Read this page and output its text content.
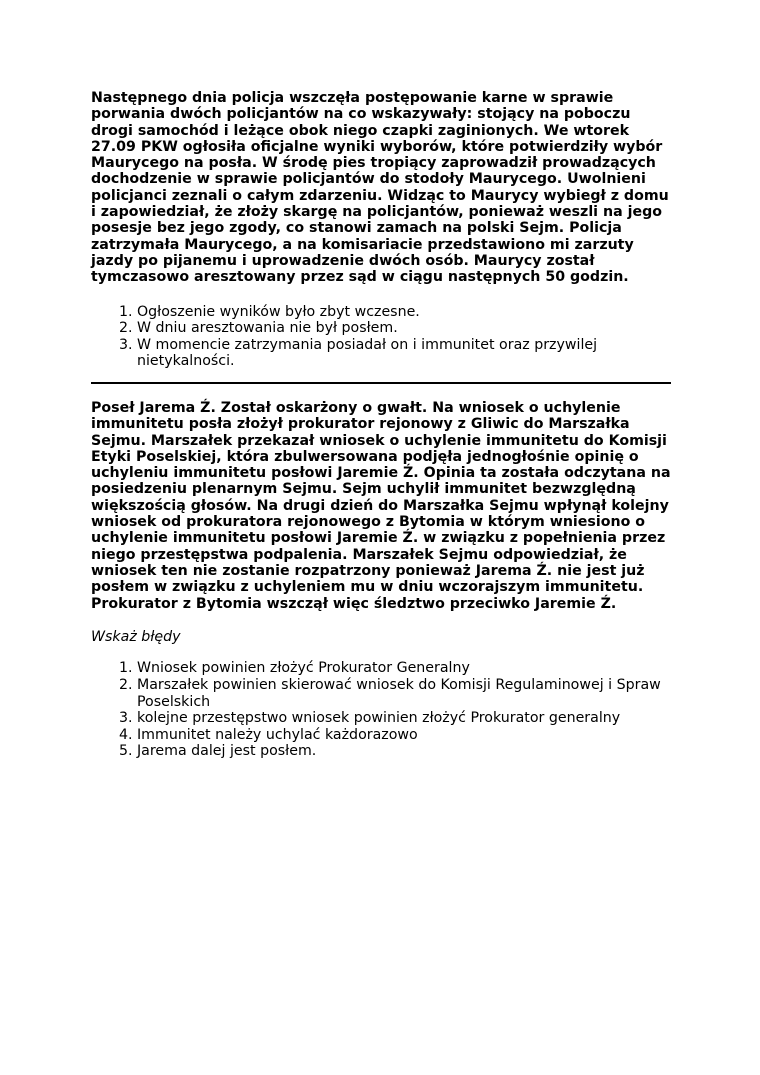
Następnego dnia policja wszczęła postępowanie karne w sprawie porwania dwóch policjantów na co wskazywały: stojący na poboczu drogi samochód i leżące obok niego czapki zaginionych. We wtorek 27.09 PKW ogłosiła oficjalne wyniki wyborów, które potwierdziły wybór Maurycego na posła. W środę pies tropiący zaprowadził prowadzących dochodzenie w sprawie policjantów do stodoły Maurycego. Uwolnieni policjanci zeznali o całym zdarzeniu. Widząc to Maurycy wybiegł z domu i zapowiedział, że złoży skargę na policjantów, ponieważ weszli na jego posesje bez jego zgody, co stanowi zamach na polski Sejm. Policja zatrzymała Maurycego, a na komisariacie przedstawiono mi zarzuty jazdy po pijanemu i uprowadzenie dwóch osób. Maurycy został tymczasowo aresztowany przez sąd w ciągu następnych 50 godzin.

1. Ogłoszenie wyników było zbyt wczesne.
2. W dniu aresztowania nie był posłem.
3. W momencie zatrzymania posiadał on i immunitet oraz przywilej nietykalności.

Poseł Jarema Ź. Został oskarżony o gwałt. Na wniosek o uchylenie immunitetu posła złożył prokurator rejonowy z Gliwic do Marszałka Sejmu. Marszałek przekazał wniosek o uchylenie immunitetu do Komisji Etyki Poselskiej, która zbulwersowana podjęła jednogłośnie opinię o uchyleniu immunitetu posłowi Jaremie Ź. Opinia ta została odczytana na posiedzeniu plenarnym Sejmu. Sejm uchylił immunitet bezwzględną większością głosów. Na drugi dzień do Marszałka Sejmu wpłynął kolejny wniosek od prokuratora rejonowego z Bytomia w którym wniesiono o uchylenie immunitetu posłowi Jaremie Ź. w związku z popełnienia przez niego przestępstwa podpalenia. Marszałek Sejmu odpowiedział, że wniosek ten nie zostanie rozpatrzony ponieważ Jarema Ź. nie jest już posłem w związku z uchyleniem mu w dniu wczorajszym immunitetu. Prokurator z Bytomia wszczął więc śledztwo przeciwko Jaremie Ź.

Wskaż błędy

1. Wniosek powinien złożyć Prokurator Generalny
2. Marszałek powinien skierować wniosek do Komisji Regulaminowej i Spraw Poselskich
3. kolejne przestępstwo wniosek powinien złożyć Prokurator generalny
4. Immunitet należy uchylać każdorazowo
5. Jarema dalej jest posłem.
